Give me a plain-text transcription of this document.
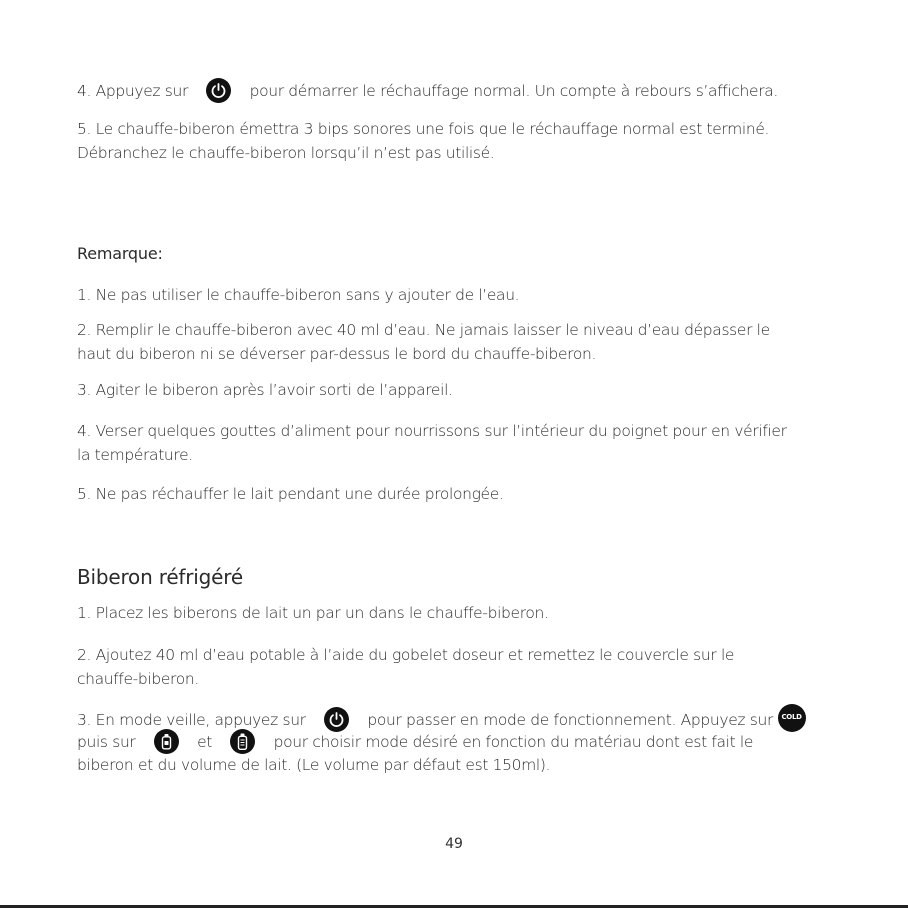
4. Appuyez sur	pour démarrer le réchauffage normal. Un compte à rebours s’affichera.

5. Le chauffe-biberon émettra 3 bips sonores une fois que le réchauffage normal est terminé.

Débranchez le chauffe-biberon lorsqu’il n’est pas utilisé.

Remarque:

1. Ne pas utiliser le chauffe-biberon sans y ajouter de l’eau.

2. Remplir le chauffe-biberon avec 40 ml d’eau. Ne jamais laisser le niveau d’eau dépasser le

haut du biberon ni se déverser par-dessus le bord du chauffe-biberon.

3. Agiter le biberon après l’avoir sorti de l’appareil.

4. Verser quelques gouttes d’aliment pour nourrissons sur l’intérieur du poignet pour en vérifier

la température.

5. Ne pas réchauffer le lait pendant une durée prolongée.

Biberon réfrigéré

1. Placez les biberons de lait un par un dans le chauffe-biberon.

2. Ajoutez 40 ml d’eau potable à l’aide du gobelet doseur et remettez le couvercle sur le

chauffe-biberon.

3. En mode veille, appuyez sur	pour passer en mode de fonctionnement. Appuyez sur	COLD

puis sur	et	pour choisir mode désiré en fonction du matériau dont est fait le

biberon et du volume de lait. (Le volume par défaut est 150ml).

49
